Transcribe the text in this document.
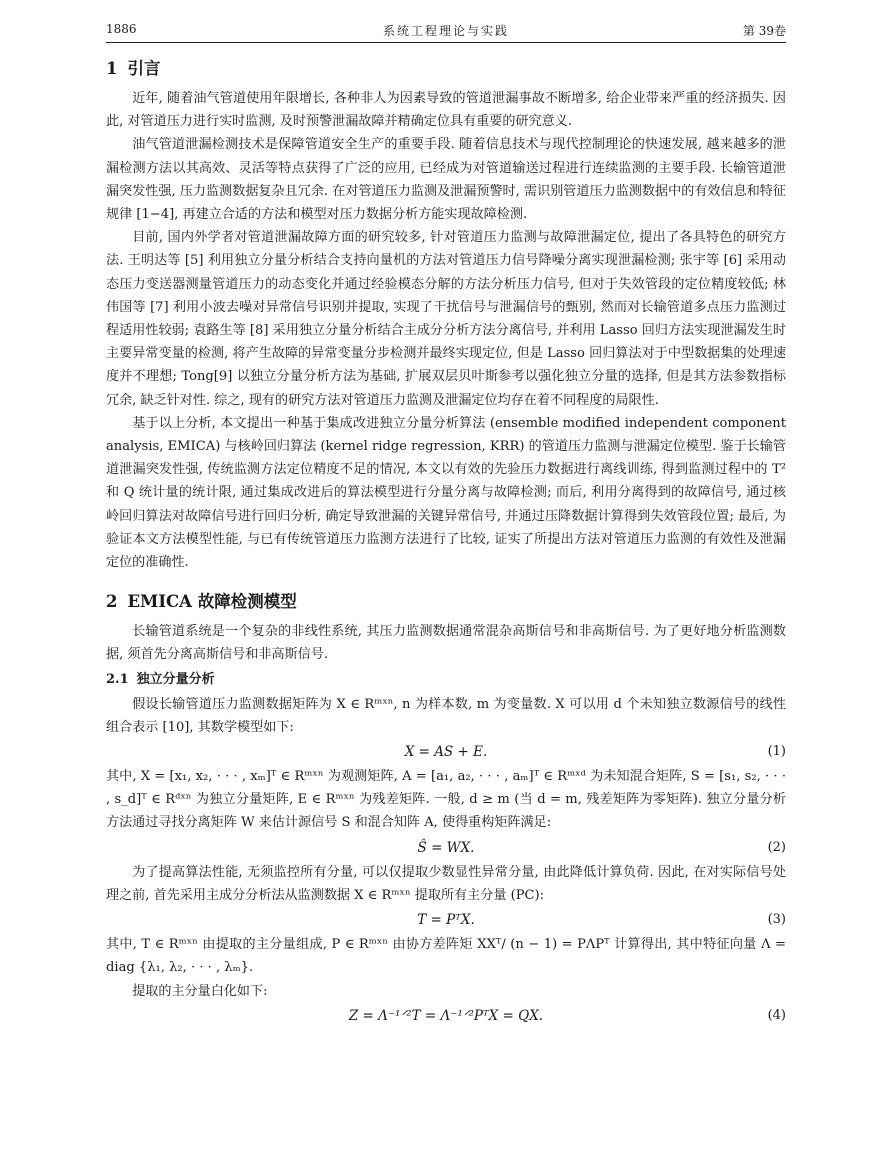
1886	系统工程理论与实践	第 39卷
1 引言

近年, 随着油气管道使用年限增长, 各种非人为因素导致的管道泄漏事故不断增多, 给企业带来严重的经济损失. 因此, 对管道压力进行实时监测, 及时预警泄漏故障并精确定位具有重要的研究意义.

油气管道泄漏检测技术是保障管道安全生产的重要手段. 随着信息技术与现代控制理论的快速发展, 越来越多的泄漏检测方法以其高效、灵活等特点获得了广泛的应用, 已经成为对管道输送过程进行连续监测的主要手段. 长输管道泄漏突发性强, 压力监测数据复杂且冗余. 在对管道压力监测及泄漏预警时, 需识别管道压力监测数据中的有效信息和特征规律 [1−4], 再建立合适的方法和模型对压力数据分析方能实现故障检测.

目前, 国内外学者对管道泄漏故障方面的研究较多, 针对管道压力监测与故障泄漏定位, 提出了各具特色的研究方法. 王明达等 [5] 利用独立分量分析结合支持向量机的方法对管道压力信号降噪分离实现泄漏检测; 张宇等 [6] 采用动态压力变送器测量管道压力的动态变化并通过经验模态分解的方法分析压力信号, 但对于失效管段的定位精度较低; 林伟国等 [7] 利用小波去噪对异常信号识别并提取, 实现了干扰信号与泄漏信号的甄别, 然而对长输管道多点压力监测过程适用性较弱; 袁路生等 [8] 采用独立分量分析结合主成分分析方法分离信号, 并利用 Lasso 回归方法实现泄漏发生时主要异常变量的检测, 将产生故障的异常变量分步检测并最终实现定位, 但是 Lasso 回归算法对于中型数据集的处理速度并不理想; Tong[9] 以独立分量分析方法为基础, 扩展双层贝叶斯参考以强化独立分量的选择, 但是其方法参数指标冗余, 缺乏针对性. 综之, 现有的研究方法对管道压力监测及泄漏定位均存在着不同程度的局限性.

基于以上分析, 本文提出一种基于集成改进独立分量分析算法 (ensemble modified independent component analysis, EMICA) 与核岭回归算法 (kernel ridge regression, KRR) 的管道压力监测与泄漏定位模型. 鉴于长输管道泄漏突发性强, 传统监测方法定位精度不足的情况, 本文以有效的先验压力数据进行离线训练, 得到监测过程中的 T² 和 Q 统计量的统计限, 通过集成改进后的算法模型进行分量分离与故障检测; 而后, 利用分离得到的故障信号, 通过核岭回归算法对故障信号进行回归分析, 确定导致泄漏的关键异常信号, 并通过压降数据计算得到失效管段位置; 最后, 为验证本文方法模型性能, 与已有传统管道压力监测方法进行了比较, 证实了所提出方法对管道压力监测的有效性及泄漏定位的准确性.

2 EMICA 故障检测模型

长输管道系统是一个复杂的非线性系统, 其压力监测数据通常混杂高斯信号和非高斯信号. 为了更好地分析监测数据, 须首先分离高斯信号和非高斯信号.

2.1 独立分量分析

假设长输管道压力监测数据矩阵为 X ∈ Rᵐˣⁿ, n 为样本数, m 为变量数. X 可以用 d 个未知独立数源信号的线性组合表示 [10], 其数学模型如下:

X = AS + E.	(1)

其中, X = [x₁, x₂, · · · , xₘ]ᵀ ∈ Rᵐˣⁿ 为观测矩阵, A = [a₁, a₂, · · · , aₘ]ᵀ ∈ Rᵐˣᵈ 为未知混合矩阵, S = [s₁, s₂, · · · , s_d]ᵀ ∈ Rᵈˣⁿ 为独立分量矩阵, E ∈ Rᵐˣⁿ 为残差矩阵. 一般, d ≥ m (当 d = m, 残差矩阵为零矩阵). 独立分量分析方法通过寻找分离矩阵 W 来估计源信号 S 和混合知阵 A, 使得重构矩阵满足:

Ŝ = WX.	(2)

为了提高算法性能, 无须监控所有分量, 可以仅提取少数显性异常分量, 由此降低计算负荷. 因此, 在对实际信号处理之前, 首先采用主成分分析法从监测数据 X ∈ Rᵐˣⁿ 提取所有主分量 (PC):

T = PᵀX.	(3)

其中, T ∈ Rᵐˣⁿ 由提取的主分量组成, P ∈ Rᵐˣⁿ 由协方差阵矩 XXᵀ/ (n − 1) = PΛPᵀ 计算得出, 其中特征向量 Λ = diag {λ₁, λ₂, · · · , λₘ}.

提取的主分量白化如下:

Z = Λ⁻¹ᐟ²T = Λ⁻¹ᐟ²PᵀX = QX.	(4)
